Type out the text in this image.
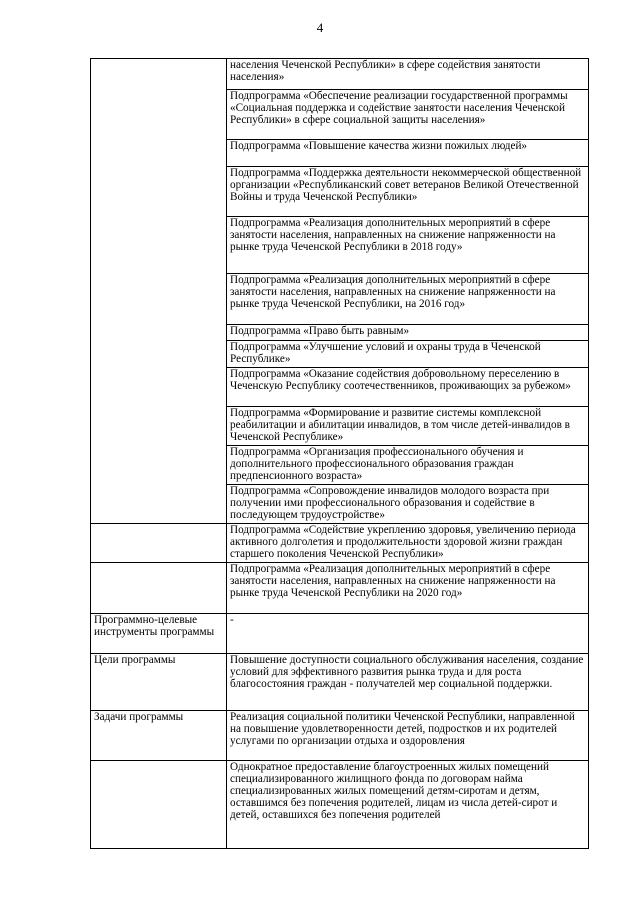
4
	населения Чеченской Республики» в сфере содействия занятости населения»
	Подпрограмма «Обеспечение реализации государственной программы «Социальная поддержка и содействие занятости населения Чеченской Республики» в сфере социальной защиты населения»
	Подпрограмма «Повышение качества жизни пожилых людей»
	Подпрограмма «Поддержка деятельности некоммерческой общественной организации «Республиканский совет ветеранов Великой Отечественной Войны и труда Чеченской Республики»
	Подпрограмма «Реализация дополнительных мероприятий в сфере занятости населения, направленных на снижение напряженности на рынке труда Чеченской Республики в 2018 году»
	Подпрограмма «Реализация дополнительных мероприятий в сфере занятости населения, направленных на снижение напряженности на рынке труда Чеченской Республики, на 2016 год»
	Подпрограмма «Право быть равным»
	Подпрограмма «Улучшение условий и охраны труда в Чеченской Республике»
	Подпрограмма «Оказание содействия добровольному переселению в Чеченскую Республику соотечественников, проживающих за рубежом»
	Подпрограмма «Формирование и развитие системы комплексной реабилитации и абилитации инвалидов, в том числе детей-инвалидов в Чеченской Республике»
	Подпрограмма «Организация профессионального обучения и дополнительного профессионального образования граждан предпенсионного возраста»
	Подпрограмма «Сопровождение инвалидов молодого возраста при получении ими профессионального образования и содействие в последующем трудоустройстве»
	Подпрограмма «Содействие укреплению здоровья, увеличению периода активного долголетия и продолжительности здоровой жизни граждан старшего поколения Чеченской Республики»
	Подпрограмма «Реализация дополнительных мероприятий в сфере занятости населения, направленных на снижение напряженности на рынке труда Чеченской Республики на 2020 год»
Программно-целевые инструменты программы	-
Цели программы	Повышение доступности социального обслуживания населения, создание условий для эффективного развития рынка труда и для роста благосостояния граждан - получателей мер социальной поддержки.
Задачи программы	Реализация социальной политики Чеченской Республики, направленной на повышение удовлетворенности детей, подростков и их родителей услугами по организации отдыха и оздоровления
	Однократное предоставление благоустроенных жилых помещений специализированного жилищного фонда по договорам найма специализированных жилых помещений детям-сиротам и детям, оставшимся без попечения родителей, лицам из числа детей-сирот и детей, оставшихся без попечения родителей
